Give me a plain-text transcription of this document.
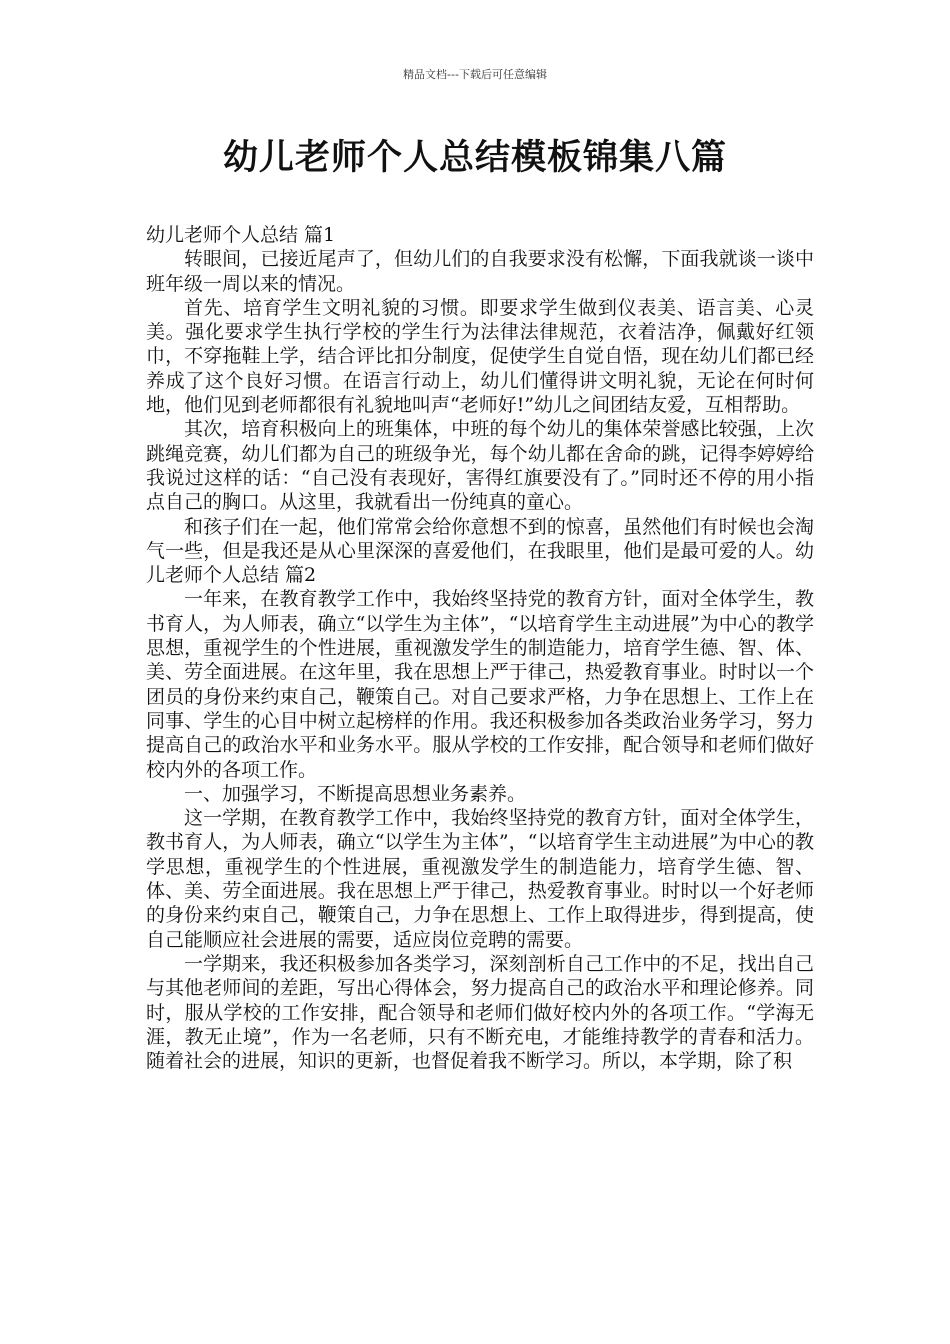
精品文档---下载后可任意编辑
幼儿老师个人总结模板锦集八篇

幼儿老师个人总结 篇1

转眼间，已接近尾声了，但幼儿们的自我要求没有松懈，下面我就谈一谈中班年级一周以来的情况。

首先、培育学生文明礼貌的习惯。即要求学生做到仪表美、语言美、心灵美。强化要求学生执行学校的学生行为法律法律规范，衣着洁净，佩戴好红领巾，不穿拖鞋上学，结合评比扣分制度，促使学生自觉自悟，现在幼儿们都已经养成了这个良好习惯。在语言行动上，幼儿们懂得讲文明礼貌，无论在何时何地，他们见到老师都很有礼貌地叫声“老师好!”幼儿之间团结友爱，互相帮助。

其次，培育积极向上的班集体，中班的每个幼儿的集体荣誉感比较强，上次跳绳竞赛，幼儿们都为自己的班级争光，每个幼儿都在舍命的跳，记得李婷婷给我说过这样的话：“自己没有表现好，害得红旗要没有了。”同时还不停的用小指点自己的胸口。从这里，我就看出一份纯真的童心。

和孩子们在一起，他们常常会给你意想不到的惊喜，虽然他们有时候也会淘气一些，但是我还是从心里深深的喜爱他们，在我眼里，他们是最可爱的人。幼儿老师个人总结 篇2

一年来，在教育教学工作中，我始终坚持党的教育方针，面对全体学生，教书育人，为人师表，确立“以学生为主体”，“以培育学生主动进展”为中心的教学思想，重视学生的个性进展，重视激发学生的制造能力，培育学生德、智、体、美、劳全面进展。在这年里，我在思想上严于律己，热爱教育事业。时时以一个团员的身份来约束自己，鞭策自己。对自己要求严格，力争在思想上、工作上在同事、学生的心目中树立起榜样的作用。我还积极参加各类政治业务学习，努力提高自己的政治水平和业务水平。服从学校的工作安排，配合领导和老师们做好校内外的各项工作。

一、加强学习，不断提高思想业务素养。

这一学期，在教育教学工作中，我始终坚持党的教育方针，面对全体学生，教书育人，为人师表，确立“以学生为主体”，“以培育学生主动进展”为中心的教学思想，重视学生的个性进展，重视激发学生的制造能力，培育学生德、智、体、美、劳全面进展。我在思想上严于律己，热爱教育事业。时时以一个好老师的身份来约束自己，鞭策自己，力争在思想上、工作上取得进步，得到提高，使自己能顺应社会进展的需要，适应岗位竞聘的需要。

一学期来，我还积极参加各类学习，深刻剖析自己工作中的不足，找出自己与其他老师间的差距，写出心得体会，努力提高自己的政治水平和理论修养。同时，服从学校的工作安排，配合领导和老师们做好校内外的各项工作。“学海无涯，教无止境”，作为一名老师，只有不断充电，才能维持教学的青春和活力。随着社会的进展，知识的更新，也督促着我不断学习。所以，本学期，除了积
